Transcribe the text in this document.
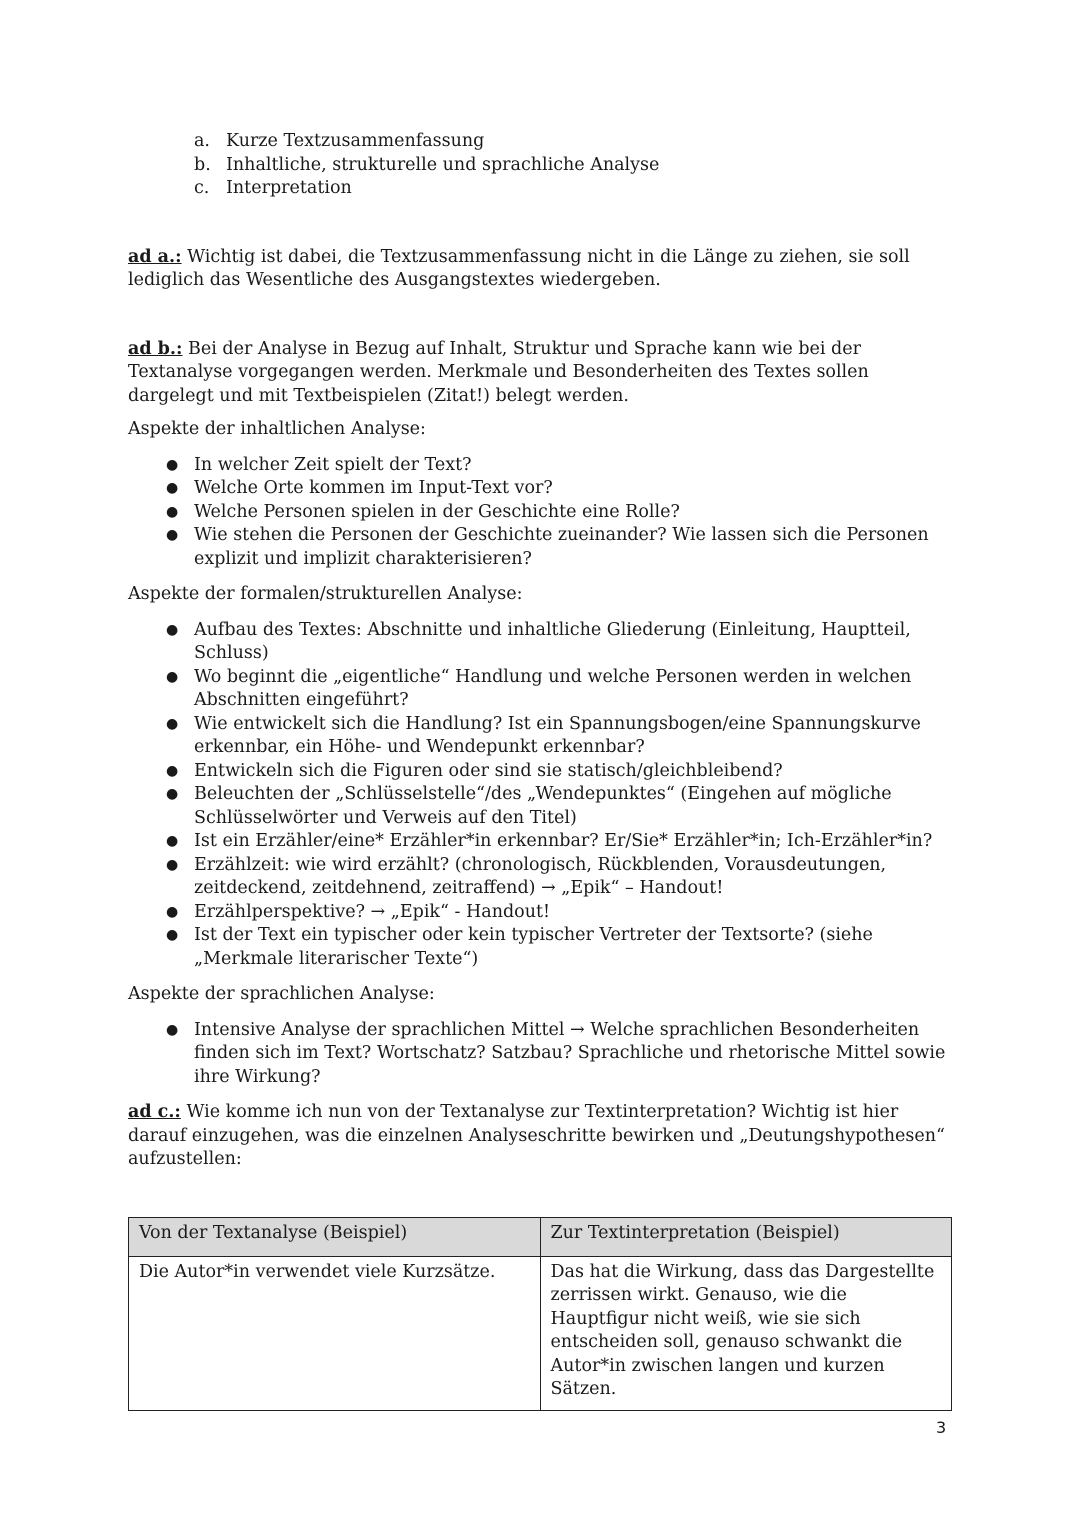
a. Kurze Textzusammenfassung
b. Inhaltliche, strukturelle und sprachliche Analyse
c. Interpretation

ad a.: Wichtig ist dabei, die Textzusammenfassung nicht in die Länge zu ziehen, sie soll lediglich das Wesentliche des Ausgangstextes wiedergeben.

ad b.: Bei der Analyse in Bezug auf Inhalt, Struktur und Sprache kann wie bei der Textanalyse vorgegangen werden. Merkmale und Besonderheiten des Textes sollen dargelegt und mit Textbeispielen (Zitat!) belegt werden.

Aspekte der inhaltlichen Analyse:

● In welcher Zeit spielt der Text?
● Welche Orte kommen im Input-Text vor?
● Welche Personen spielen in der Geschichte eine Rolle?
● Wie stehen die Personen der Geschichte zueinander? Wie lassen sich die Personen explizit und implizit charakterisieren?

Aspekte der formalen/strukturellen Analyse:

● Aufbau des Textes: Abschnitte und inhaltliche Gliederung (Einleitung, Hauptteil, Schluss)
● Wo beginnt die „eigentliche“ Handlung und welche Personen werden in welchen Abschnitten eingeführt?
● Wie entwickelt sich die Handlung? Ist ein Spannungsbogen/eine Spannungskurve erkennbar, ein Höhe- und Wendepunkt erkennbar?
● Entwickeln sich die Figuren oder sind sie statisch/gleichbleibend?
● Beleuchten der „Schlüsselstelle“/des „Wendepunktes“ (Eingehen auf mögliche Schlüsselwörter und Verweis auf den Titel)
● Ist ein Erzähler/eine* Erzähler*in erkennbar? Er/Sie* Erzähler*in; Ich-Erzähler*in?
● Erzählzeit: wie wird erzählt? (chronologisch, Rückblenden, Vorausdeutungen, zeitdeckend, zeitdehnend, zeitraffend) → „Epik“ – Handout!
● Erzählperspektive? → „Epik“ - Handout!
● Ist der Text ein typischer oder kein typischer Vertreter der Textsorte? (siehe „Merkmale literarischer Texte“)

Aspekte der sprachlichen Analyse:

● Intensive Analyse der sprachlichen Mittel → Welche sprachlichen Besonderheiten finden sich im Text? Wortschatz? Satzbau? Sprachliche und rhetorische Mittel sowie ihre Wirkung?

ad c.: Wie komme ich nun von der Textanalyse zur Textinterpretation? Wichtig ist hier darauf einzugehen, was die einzelnen Analyseschritte bewirken und „Deutungshypothesen“ aufzustellen:

Von der Textanalyse (Beispiel)	Zur Textinterpretation (Beispiel)
Die Autor*in verwendet viele Kurzsätze.	Das hat die Wirkung, dass das Dargestellte zerrissen wirkt. Genauso, wie die Hauptfigur nicht weiß, wie sie sich entscheiden soll, genauso schwankt die Autor*in zwischen langen und kurzen Sätzen.
3
